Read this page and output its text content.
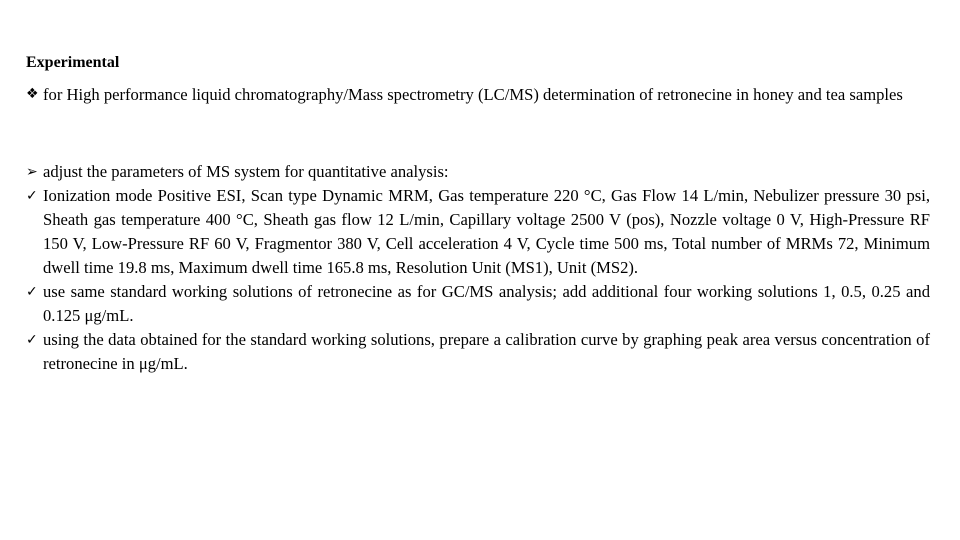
Experimental
❖ for High performance liquid chromatography/Mass spectrometry (LC/MS) determination of retronecine in honey and tea samples
➢ adjust the parameters of MS system for quantitative analysis:
✓ Ionization mode Positive ESI, Scan type Dynamic MRM, Gas temperature 220 °C, Gas Flow 14 L/min, Nebulizer pressure 30 psi, Sheath gas temperature 400 °C, Sheath gas flow 12 L/min, Capillary voltage 2500 V (pos), Nozzle voltage 0 V, High-Pressure RF 150 V, Low-Pressure RF 60 V, Fragmentor 380 V, Cell acceleration 4 V, Cycle time 500 ms, Total number of MRMs 72, Minimum dwell time 19.8 ms, Maximum dwell time 165.8 ms, Resolution Unit (MS1), Unit (MS2).
✓ use same standard working solutions of retronecine as for GC/MS analysis; add additional four working solutions 1, 0.5, 0.25 and 0.125 μg/mL.
✓ using the data obtained for the standard working solutions, prepare a calibration curve by graphing peak area versus concentration of retronecine in μg/mL.
